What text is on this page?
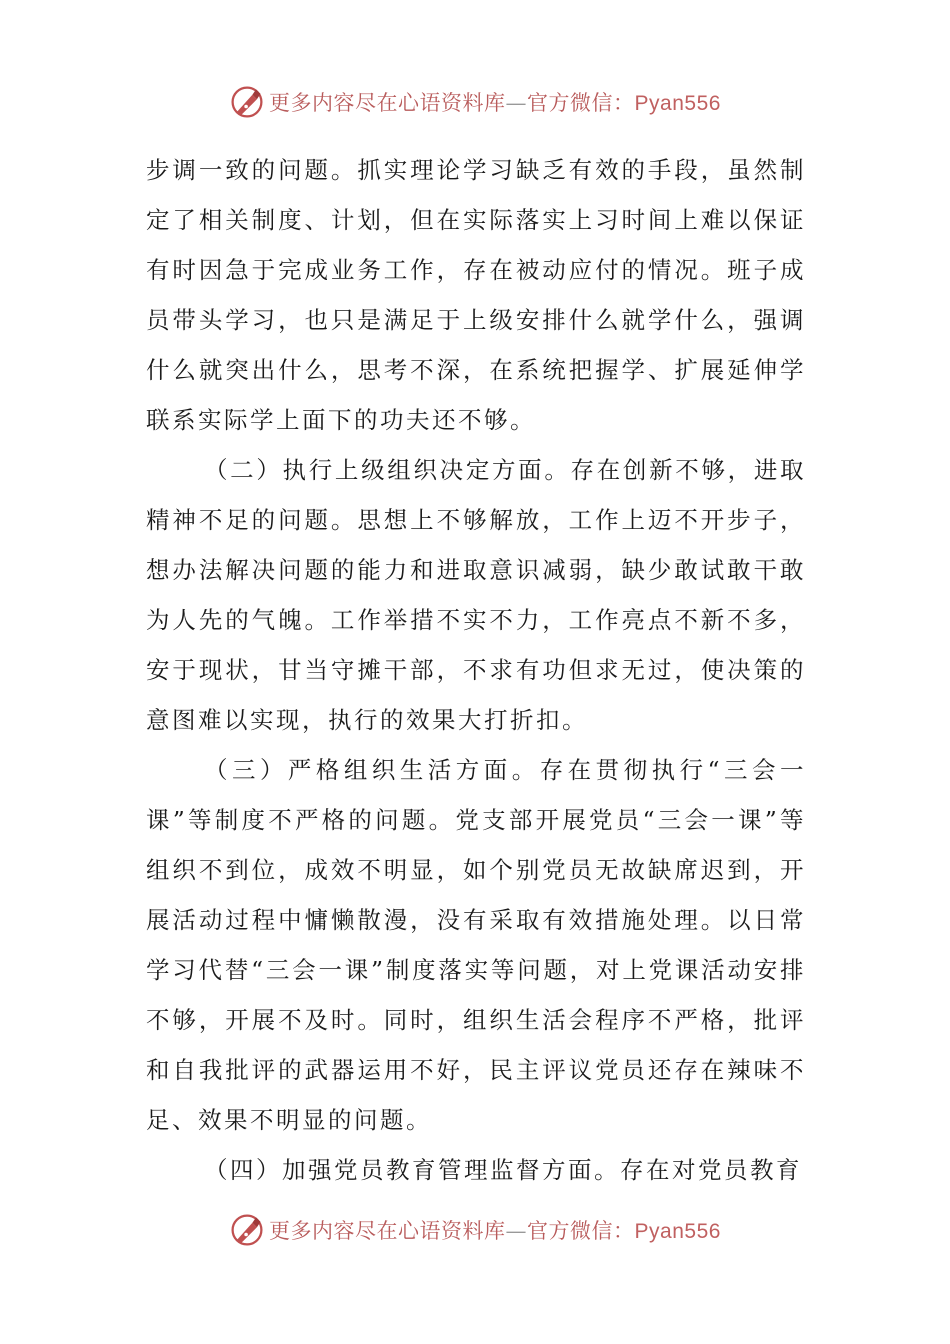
更多内容尽在心语资料库—官方微信：Pyan556

步调一致的问题。抓实理论学习缺乏有效的手段，虽然制定了相关制度、计划，但在实际落实上习时间上难以保证有时因急于完成业务工作，存在被动应付的情况。班子成员带头学习，也只是满足于上级安排什么就学什么，强调什么就突出什么，思考不深，在系统把握学、扩展延伸学联系实际学上面下的功夫还不够。

（二）执行上级组织决定方面。存在创新不够，进取精神不足的问题。思想上不够解放，工作上迈不开步子，想办法解决问题的能力和进取意识减弱，缺少敢试敢干敢为人先的气魄。工作举措不实不力，工作亮点不新不多，安于现状，甘当守摊干部，不求有功但求无过，使决策的意图难以实现，执行的效果大打折扣。

（三）严格组织生活方面。存在贯彻执行“三会一课”等制度不严格的问题。党支部开展党员“三会一课”等组织不到位，成效不明显，如个别党员无故缺席迟到，开展活动过程中慵懒散漫，没有采取有效措施处理。以日常学习代替“三会一课”制度落实等问题，对上党课活动安排不够，开展不及时。同时，组织生活会程序不严格，批评和自我批评的武器运用不好，民主评议党员还存在辣味不足、效果不明显的问题。

（四）加强党员教育管理监督方面。存在对党员教育

更多内容尽在心语资料库—官方微信：Pyan556
